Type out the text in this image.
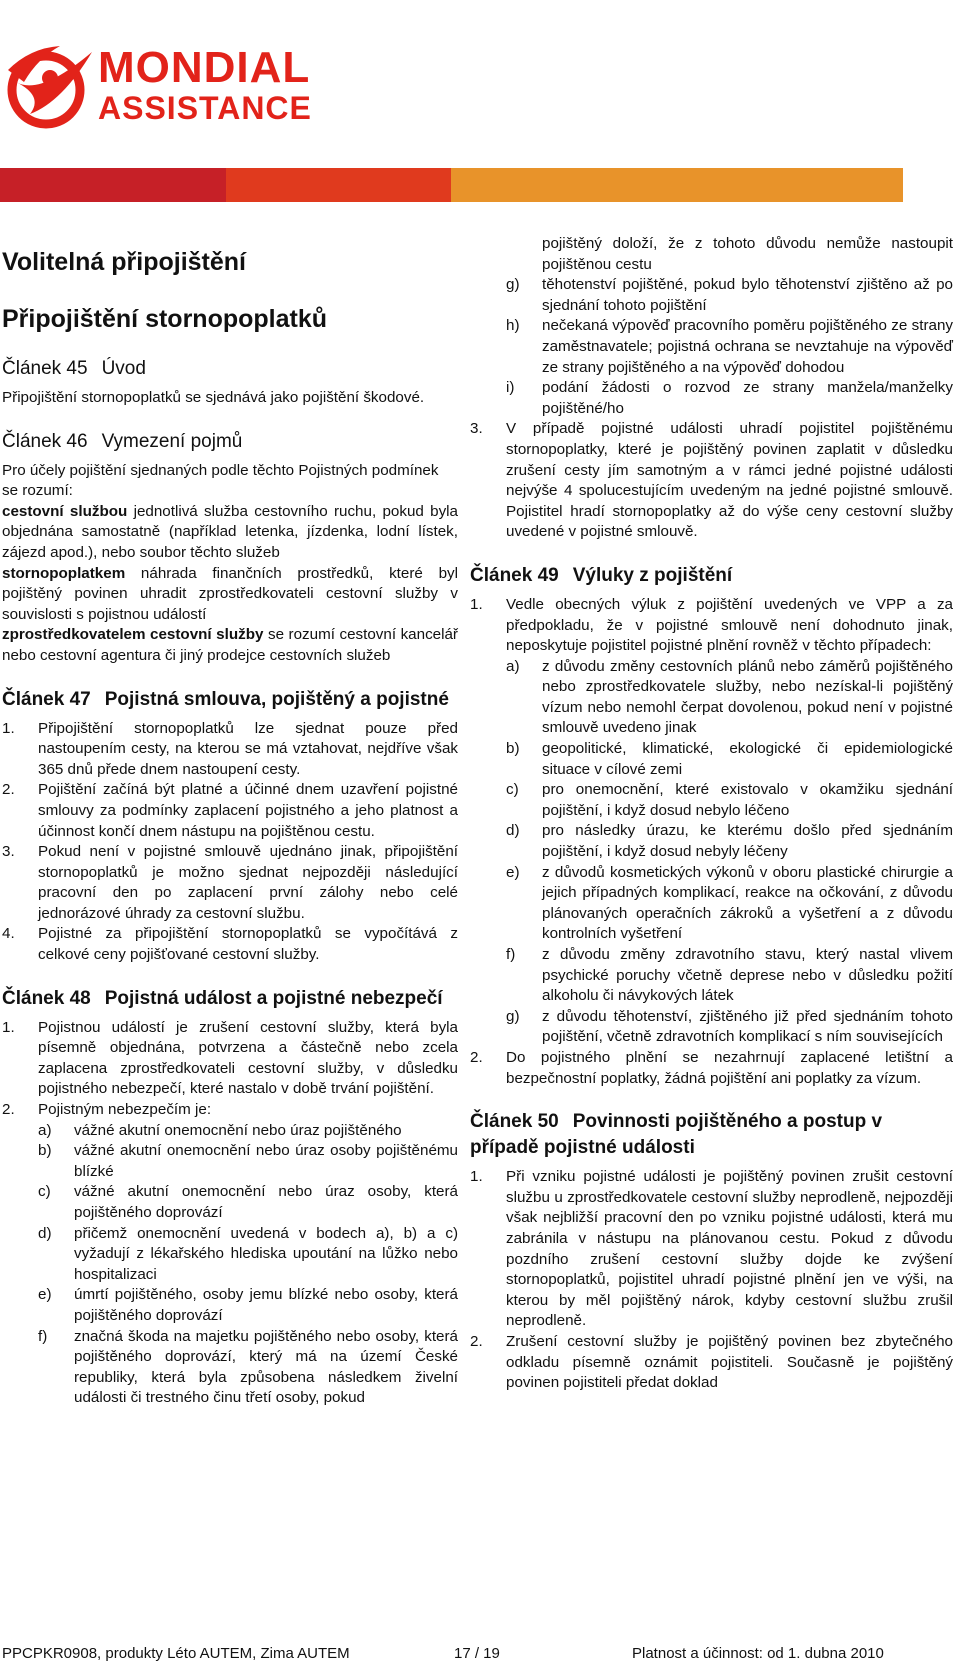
MONDIAL
ASSISTANCE
Volitelná připojištění
Připojištění stornopoplatků
Článek 45 Úvod

Připojištění stornopoplatků se sjednává jako pojištění škodové.

Článek 46 Vymezení pojmů

Pro účely pojištění sjednaných podle těchto Pojistných podmínek se rozumí:

cestovní službou jednotlivá služba cestovního ruchu, pokud byla objednána samostatně (například letenka, jízdenka, lodní lístek, zájezd apod.), nebo soubor těchto služeb

stornopoplatkem náhrada finančních prostředků, které byl pojištěný povinen uhradit zprostředkovateli cestovní služby v souvislosti s pojistnou událostí

zprostředkovatelem cestovní služby se rozumí cestovní kancelář nebo cestovní agentura či jiný prodejce cestovních služeb

Článek 47 Pojistná smlouva, pojištěný a pojistné
1. Připojištění stornopoplatků lze sjednat pouze před nastoupením cesty, na kterou se má vztahovat, nejdříve však 365 dnů přede dnem nastoupení cesty.
2. Pojištění začíná být platné a účinné dnem uzavření pojistné smlouvy za podmínky zaplacení pojistného a jeho platnost a účinnost končí dnem nástupu na pojištěnou cestu.
3. Pokud není v pojistné smlouvě ujednáno jinak, připojištění stornopoplatků je možno sjednat nejpozději následující pracovní den po zaplacení první zálohy nebo celé jednorázové úhrady za cestovní službu.
4. Pojistné za připojištění stornopoplatků se vypočítává z celkové ceny pojišťované cestovní služby.
Článek 48 Pojistná událost a pojistné nebezpečí
1. Pojistnou událostí je zrušení cestovní služby, která byla písemně objednána, potvrzena a částečně nebo zcela zaplacena zprostředkovateli cestovní služby, v důsledku pojistného nebezpečí, které nastalo v době trvání pojištění.
2. Pojistným nebezpečím je:
a) vážné akutní onemocnění nebo úraz pojištěného
b) vážné akutní onemocnění nebo úraz osoby pojištěnému blízké
c) vážné akutní onemocnění nebo úraz osoby, která pojištěného doprovází
d) přičemž onemocnění uvedená v bodech a), b) a c) vyžadují z lékařského hlediska upoutání na lůžko nebo hospitalizaci
e) úmrtí pojištěného, osoby jemu blízké nebo osoby, která pojištěného doprovází
f) značná škoda na majetku pojištěného nebo osoby, která pojištěného doprovází, který má na území České republiky, která byla způsobena následkem živelní události či trestného činu třetí osoby, pokud

pojištěný doloží, že z tohoto důvodu nemůže nastoupit pojištěnou cestu

g) těhotenství pojištěné, pokud bylo těhotenství zjištěno až po sjednání tohoto pojištění
h) nečekaná výpověď pracovního poměru pojištěného ze strany zaměstnavatele; pojistná ochrana se nevztahuje na výpověď ze strany pojištěného a na výpověď dohodou
i) podání žádosti o rozvod ze strany manžela/manželky pojištěné/ho
3. V případě pojistné události uhradí pojistitel pojištěnému stornopoplatky, které je pojištěný povinen zaplatit v důsledku zrušení cesty jím samotným a v rámci jedné pojistné události nejvýše 4 spolucestujícím uvedeným na jedné pojistné smlouvě. Pojistitel hradí stornopoplatky až do výše ceny cestovní služby uvedené v pojistné smlouvě.
Článek 49 Výluky z pojištění
1. Vedle obecných výluk z pojištění uvedených ve VPP a za předpokladu, že v pojistné smlouvě není dohodnuto jinak, neposkytuje pojistitel pojistné plnění rovněž v těchto případech:
a) z důvodu změny cestovních plánů nebo záměrů pojištěného nebo zprostředkovatele služby, nebo nezískal-li pojištěný vízum nebo nemohl čerpat dovolenou, pokud není v pojistné smlouvě uvedeno jinak
b) geopolitické, klimatické, ekologické či epidemiologické situace v cílové zemi
c) pro onemocnění, které existovalo v okamžiku sjednání pojištění, i když dosud nebylo léčeno
d) pro následky úrazu, ke kterému došlo před sjednáním pojištění, i když dosud nebyly léčeny
e) z důvodů kosmetických výkonů v oboru plastické chirurgie a jejich případných komplikací, reakce na očkování, z důvodu plánovaných operačních zákroků a vyšetření a z důvodu kontrolních vyšetření
f) z důvodu změny zdravotního stavu, který nastal vlivem psychické poruchy včetně deprese nebo v důsledku požití alkoholu či návykových látek
g) z důvodu těhotenství, zjištěného již před sjednáním tohoto pojištění, včetně zdravotních komplikací s ním souvisejících
2. Do pojistného plnění se nezahrnují zaplacené letištní a bezpečnostní poplatky, žádná pojištění ani poplatky za vízum.
Článek 50 Povinnosti pojištěného a postup v případě pojistné události
1. Při vzniku pojistné události je pojištěný povinen zrušit cestovní službu u zprostředkovatele cestovní služby neprodleně, nejpozději však nejbližší pracovní den po vzniku pojistné události, která mu zabránila v nástupu na plánovanou cestu. Pokud z důvodu pozdního zrušení cestovní služby dojde ke zvýšení stornopoplatků, pojistitel uhradí pojistné plnění jen ve výši, na kterou by měl pojištěný nárok, kdyby cestovní službu zrušil neprodleně.
2. Zrušení cestovní služby je pojištěný povinen bez zbytečného odkladu písemně oznámit pojistiteli. Současně je pojištěný povinen pojistiteli předat doklad
PPCPKR0908, produkty Léto AUTEM, Zima AUTEM	17 / 19	Platnost a účinnost: od 1. dubna 2010
